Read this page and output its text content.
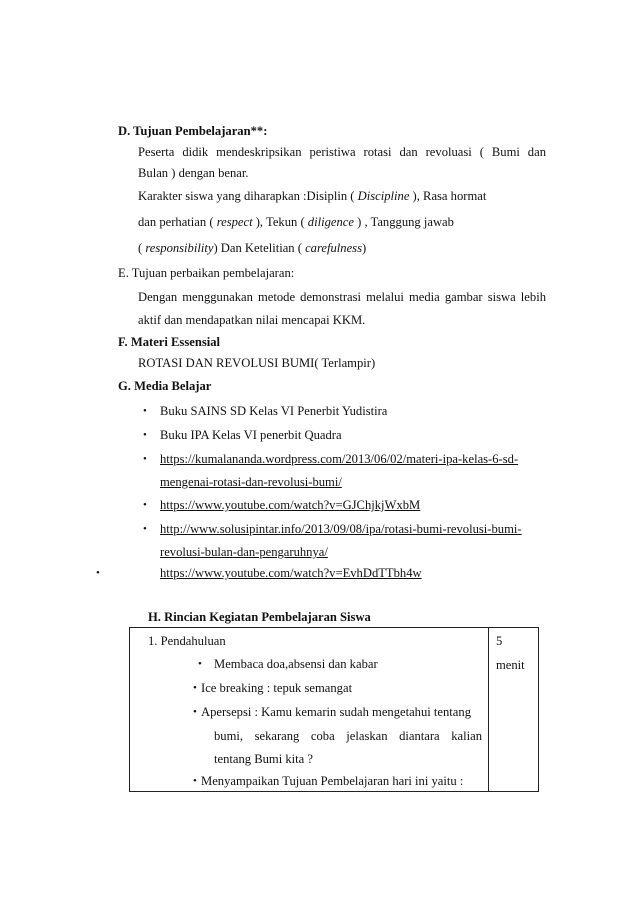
D. Tujuan Pembelajaran**:
Peserta didik mendeskripsikan peristiwa rotasi dan revoluasi ( Bumi dan
Bulan ) dengan benar.
Karakter siswa yang diharapkan :Disiplin ( Discipline ), Rasa hormat
dan perhatian ( respect ), Tekun ( diligence ) , Tanggung jawab
( responsibility) Dan Ketelitian ( carefulness)
E. Tujuan perbaikan pembelajaran:
Dengan menggunakan metode demonstrasi melalui media gambar siswa lebih
aktif dan mendapatkan nilai mencapai KKM.
F. Materi Essensial
ROTASI DAN REVOLUSI BUMI( Terlampir)
G. Media Belajar
• Buku SAINS SD Kelas VI Penerbit Yudistira
• Buku IPA Kelas VI penerbit Quadra
• https://kumalananda.wordpress.com/2013/06/02/materi-ipa-kelas-6-sd-
mengenai-rotasi-dan-revolusi-bumi/
• https://www.youtube.com/watch?v=GJChjkjWxbM
• http://www.solusipintar.info/2013/09/08/ipa/rotasi-bumi-revolusi-bumi-
revolusi-bulan-dan-pengaruhnya/
•	https://www.youtube.com/watch?v=EvhDdTTbh4w
H. Rincian Kegiatan Pembelajaran Siswa
1. Pendahuluan	5
menit
• Membaca doa,absensi dan kabar
• Ice breaking : tepuk semangat
• Apersepsi : Kamu kemarin sudah mengetahui tentang
bumi, sekarang coba jelaskan diantara kalian
tentang Bumi kita ?
• Menyampaikan Tujuan Pembelajaran hari ini yaitu :
